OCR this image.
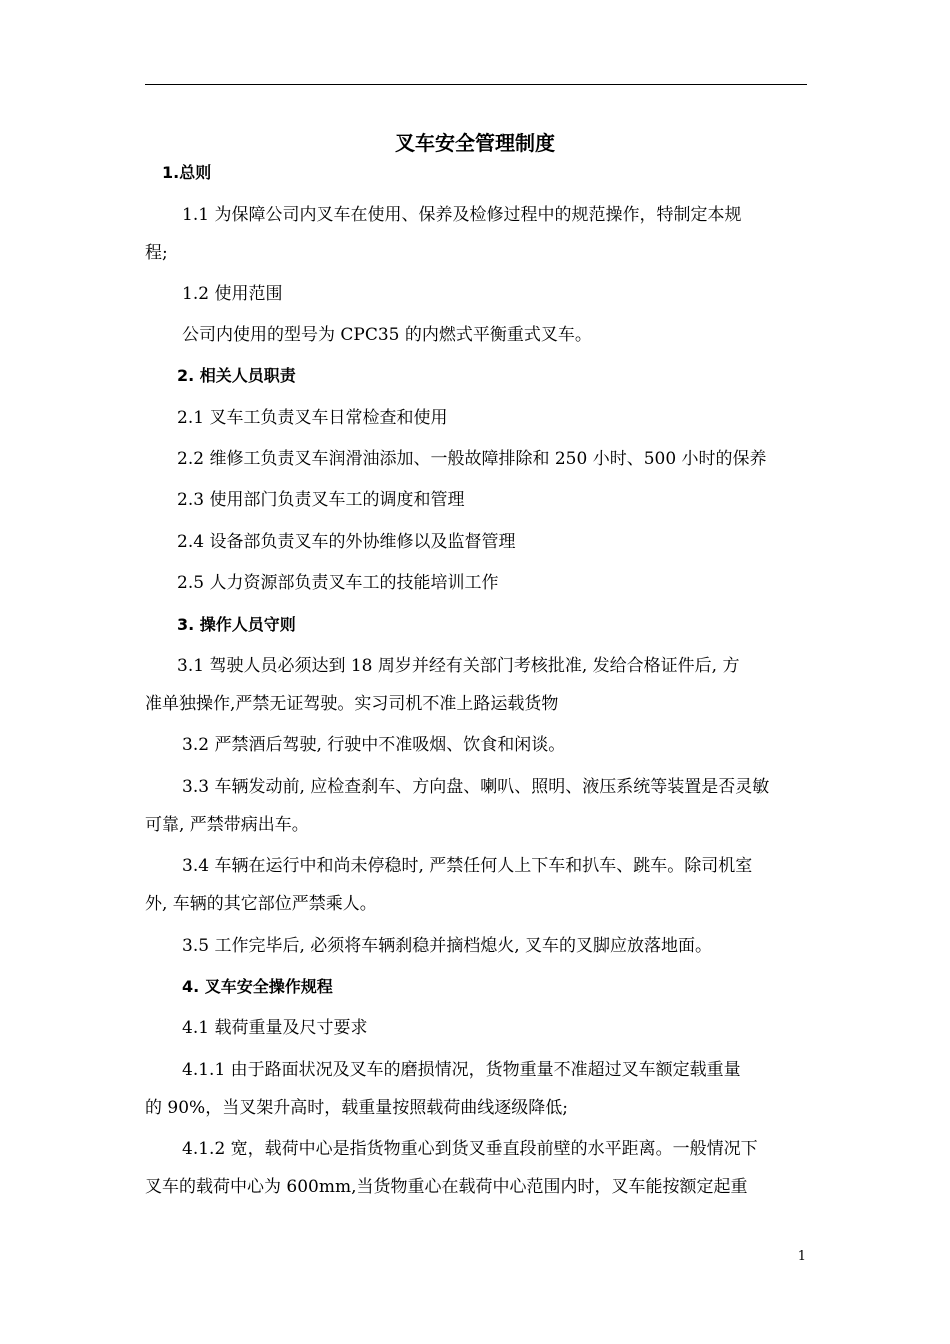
叉车安全管理制度
1.总则
1.1 为保障公司内叉车在使用、保养及检修过程中的规范操作，特制定本规
程;
1.2 使用范围
公司内使用的型号为 CPC35 的内燃式平衡重式叉车。
2. 相关人员职责
2.1 叉车工负责叉车日常检查和使用
2.2 维修工负责叉车润滑油添加、一般故障排除和 250 小时、500 小时的保养
2.3 使用部门负责叉车工的调度和管理
2.4 设备部负责叉车的外协维修以及监督管理
2.5 人力资源部负责叉车工的技能培训工作
3. 操作人员守则
3.1 驾驶人员必须达到 18 周岁并经有关部门考核批准, 发给合格证件后, 方
准单独操作,严禁无证驾驶。实习司机不准上路运载货物
3.2 严禁酒后驾驶, 行驶中不准吸烟、饮食和闲谈。
3.3 车辆发动前, 应检查刹车、方向盘、喇叭、照明、液压系统等装置是否灵敏
可靠, 严禁带病出车。
3.4 车辆在运行中和尚未停稳时, 严禁任何人上下车和扒车、跳车。除司机室
外, 车辆的其它部位严禁乘人。
3.5 工作完毕后, 必须将车辆刹稳并摘档熄火, 叉车的叉脚应放落地面。
4. 叉车安全操作规程
4.1 载荷重量及尺寸要求
4.1.1 由于路面状况及叉车的磨损情况，货物重量不准超过叉车额定载重量
的 90%，当叉架升高时，载重量按照载荷曲线逐级降低;
4.1.2 宽，载荷中心是指货物重心到货叉垂直段前壁的水平距离。一般情况下
叉车的载荷中心为 600mm,当货物重心在载荷中心范围内时，叉车能按额定起重
1
